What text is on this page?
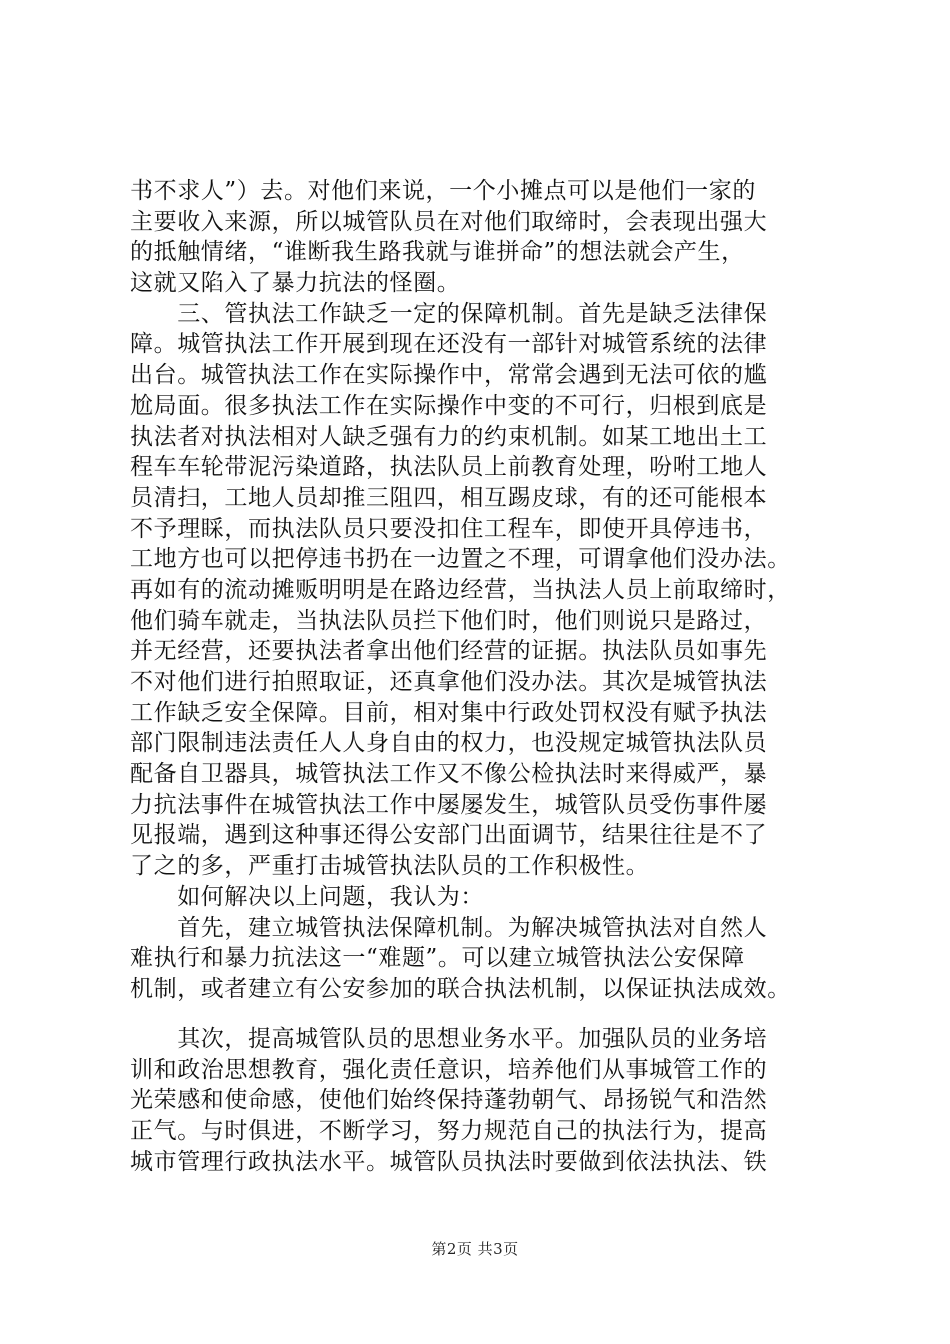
书不求人”）去。对他们来说，一个小摊点可以是他们一家的
主要收入来源，所以城管队员在对他们取缔时，会表现出强大
的抵触情绪，“谁断我生路我就与谁拼命”的想法就会产生，
这就又陷入了暴力抗法的怪圈。
　　三、管执法工作缺乏一定的保障机制。首先是缺乏法律保
障。城管执法工作开展到现在还没有一部针对城管系统的法律
出台。城管执法工作在实际操作中，常常会遇到无法可依的尴
尬局面。很多执法工作在实际操作中变的不可行，归根到底是
执法者对执法相对人缺乏强有力的约束机制。如某工地出土工
程车车轮带泥污染道路，执法队员上前教育处理，吩咐工地人
员清扫，工地人员却推三阻四，相互踢皮球，有的还可能根本
不予理睬，而执法队员只要没扣住工程车，即使开具停违书，
工地方也可以把停违书扔在一边置之不理，可谓拿他们没办法。
再如有的流动摊贩明明是在路边经营，当执法人员上前取缔时，
他们骑车就走，当执法队员拦下他们时，他们则说只是路过，
并无经营，还要执法者拿出他们经营的证据。执法队员如事先
不对他们进行拍照取证，还真拿他们没办法。其次是城管执法
工作缺乏安全保障。目前，相对集中行政处罚权没有赋予执法
部门限制违法责任人人身自由的权力，也没规定城管执法队员
配备自卫器具，城管执法工作又不像公检执法时来得威严，暴
力抗法事件在城管执法工作中屡屡发生，城管队员受伤事件屡
见报端，遇到这种事还得公安部门出面调节，结果往往是不了
了之的多，严重打击城管执法队员的工作积极性。
　　如何解决以上问题，我认为：
　　首先，建立城管执法保障机制。为解决城管执法对自然人
难执行和暴力抗法这一“难题”。可以建立城管执法公安保障
机制，或者建立有公安参加的联合执法机制，以保证执法成效。
　　其次，提高城管队员的思想业务水平。加强队员的业务培
训和政治思想教育，强化责任意识，培养他们从事城管工作的
光荣感和使命感，使他们始终保持蓬勃朝气、昂扬锐气和浩然
正气。与时俱进，不断学习，努力规范自己的执法行为，提高
城市管理行政执法水平。城管队员执法时要做到依法执法、铁
第2页 共3页
